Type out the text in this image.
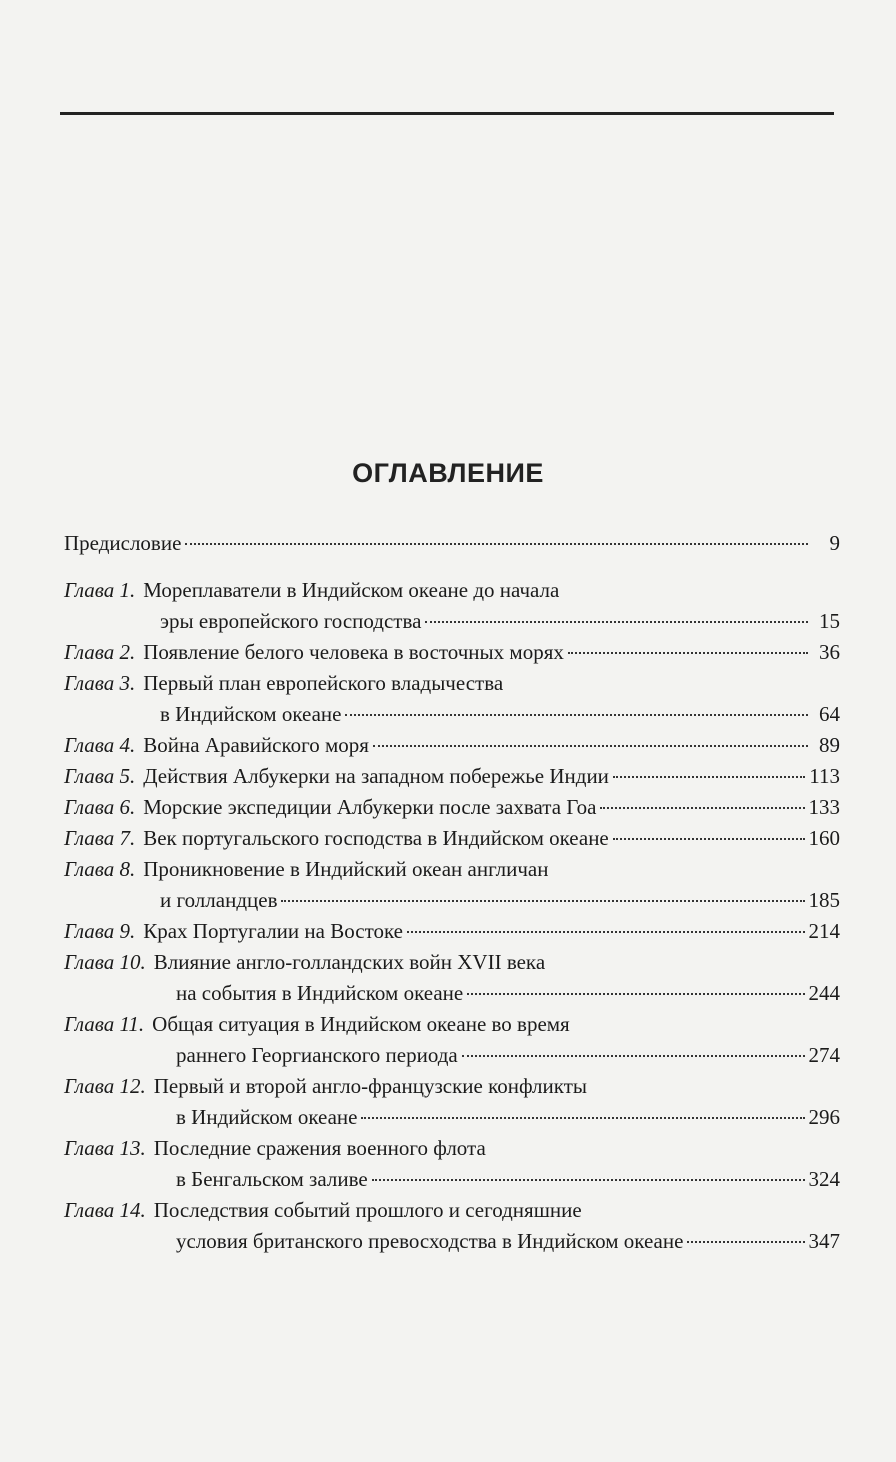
ОГЛАВЛЕНИЕ
Предисловие	9
Глава 1. Мореплаватели в Индийском океане до начала
эры европейского господства	15
Глава 2. Появление белого человека в восточных морях	36
Глава 3. Первый план европейского владычества
в Индийском океане	64
Глава 4. Война Аравийского моря	89
Глава 5. Действия Албукерки на западном побережье Индии	113
Глава 6. Морские экспедиции Албукерки после захвата Гоа	133
Глава 7. Век португальского господства в Индийском океане	160
Глава 8. Проникновение в Индийский океан англичан
и голландцев	185
Глава 9. Крах Португалии на Востоке	214
Глава 10. Влияние англо-голландских войн XVII века
на события в Индийском океане	244
Глава 11. Общая ситуация в Индийском океане во время
раннего Георгианского периода	274
Глава 12. Первый и второй англо-французские конфликты
в Индийском океане	296
Глава 13. Последние сражения военного флота
в Бенгальском заливе	324
Глава 14. Последствия событий прошлого и сегодняшние
условия британского превосходства в Индийском океане	347
